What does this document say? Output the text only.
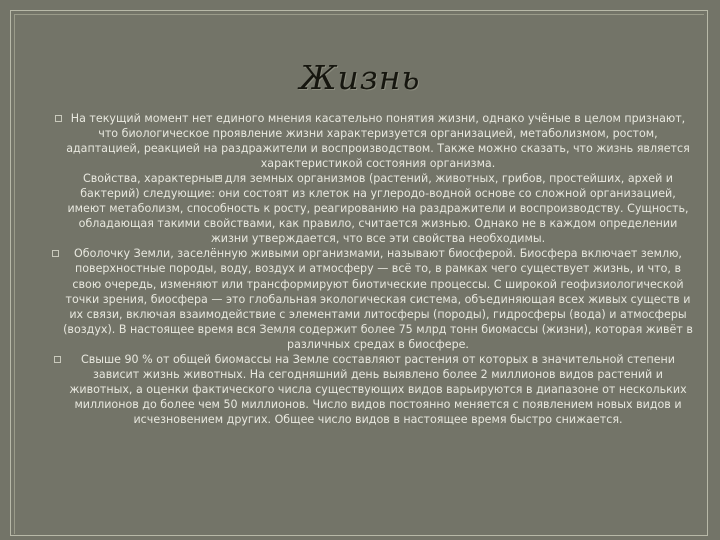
Жизнь

На текущий момент нет единого мнения касательно понятия жизни, однако учёные в целом признают, что биологическое проявление жизни характеризуется организацией, метаболизмом, ростом, адаптацией, реакцией на раздражители и воспроизводством. Также можно сказать, что жизнь является характеристикой состояния организма.

Свойства, характерные для земных организмов (растений, животных, грибов, простейших, архей и бактерий) следующие: они состоят из клеток на углеродо-водной основе со сложной организацией, имеют метаболизм, способность к росту, реагированию на раздражители и воспроизводству. Сущность, обладающая такими свойствами, как правило, считается жизнью. Однако не в каждом определении жизни утверждается, что все эти свойства необходимы.

Оболочку Земли, заселённую живыми организмами, называют биосферой. Биосфера включает землю, поверхностные породы, воду, воздух и атмосферу — всё то, в рамках чего существует жизнь, и что, в свою очередь, изменяют или трансформируют биотические процессы. С широкой геофизиологической точки зрения, биосфера — это глобальная экологическая система, объединяющая всех живых существ и их связи, включая взаимодействие с элементами литосферы (породы), гидросферы (вода) и атмосферы (воздух). В настоящее время вся Земля содержит более 75 млрд тонн биомассы (жизни), которая живёт в различных средах в биосфере.

Свыше 90 % от общей биомассы на Земле составляют растения от которых в значительной степени зависит жизнь животных. На сегодняшний день выявлено более 2 миллионов видов растений и животных, а оценки фактического числа существующих видов варьируются в диапазоне от нескольких миллионов до более чем 50 миллионов. Число видов постоянно меняется с появлением новых видов и исчезновением других. Общее число видов в настоящее время быстро снижается.
